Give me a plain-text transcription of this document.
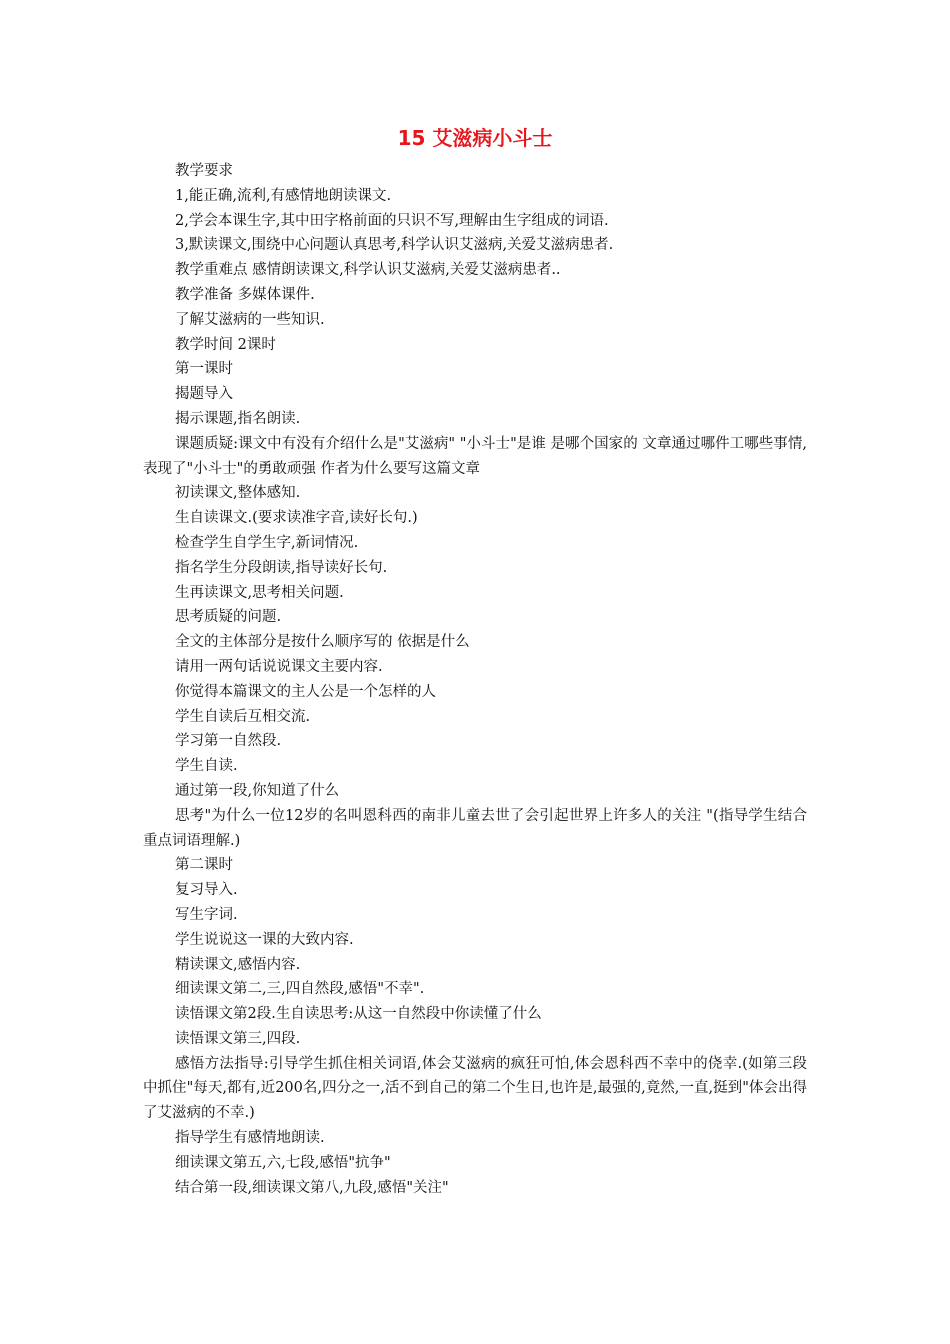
15 艾滋病小斗士

教学要求

1,能正确,流利,有感情地朗读课文.

2,学会本课生字,其中田字格前面的只识不写,理解由生字组成的词语.

3,默读课文,围绕中心问题认真思考,科学认识艾滋病,关爱艾滋病患者.

教学重难点 感情朗读课文,科学认识艾滋病,关爱艾滋病患者..

教学准备 多媒体课件.

了解艾滋病的一些知识.

教学时间 2课时

第一课时

揭题导入

揭示课题,指名朗读.

课题质疑:课文中有没有介绍什么是"艾滋病" "小斗士"是谁 是哪个国家的 文章通过哪件工哪些事情,表现了"小斗士"的勇敢顽强 作者为什么要写这篇文章

初读课文,整体感知.

生自读课文.(要求读准字音,读好长句.)

检查学生自学生字,新词情况.

指名学生分段朗读,指导读好长句.

生再读课文,思考相关问题.

思考质疑的问题.

全文的主体部分是按什么顺序写的 依据是什么

请用一两句话说说课文主要内容.

你觉得本篇课文的主人公是一个怎样的人

学生自读后互相交流.

学习第一自然段.

学生自读.

通过第一段,你知道了什么

思考"为什么一位12岁的名叫恩科西的南非儿童去世了会引起世界上许多人的关注 "(指导学生结合重点词语理解.)

第二课时

复习导入.

写生字词.

学生说说这一课的大致内容.

精读课文,感悟内容.

细读课文第二,三,四自然段,感悟"不幸".

读悟课文第2段.生自读思考:从这一自然段中你读懂了什么

读悟课文第三,四段.

感悟方法指导:引导学生抓住相关词语,体会艾滋病的疯狂可怕,体会恩科西不幸中的侥幸.(如第三段中抓住"每天,都有,近200名,四分之一,活不到自己的第二个生日,也许是,最强的,竟然,一直,挺到"体会出得了艾滋病的不幸.)

指导学生有感情地朗读.

细读课文第五,六,七段,感悟"抗争"

结合第一段,细读课文第八,九段,感悟"关注"
